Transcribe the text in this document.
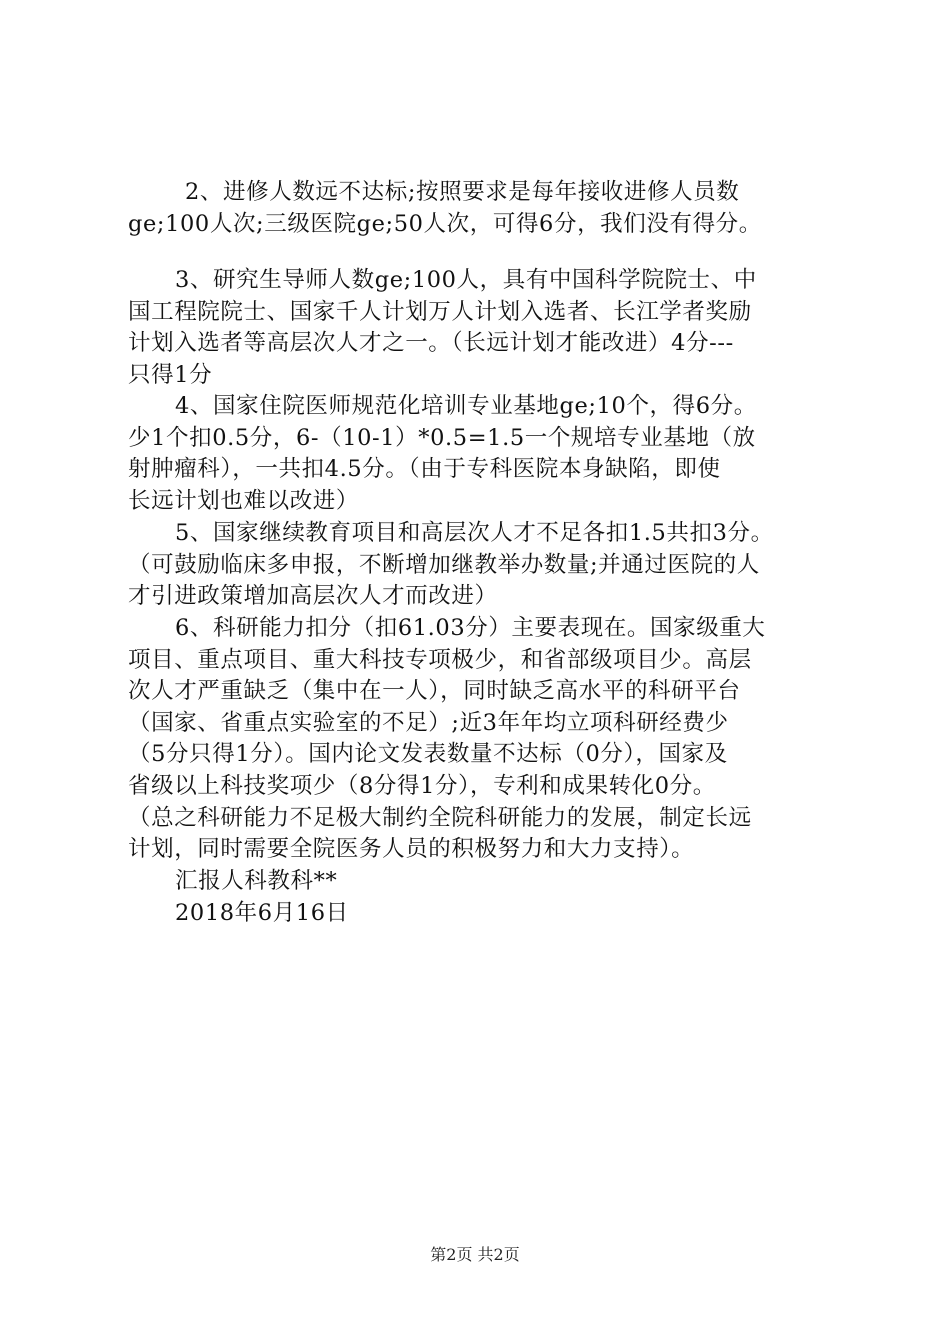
2、进修人数远不达标;按照要求是每年接收进修人员数
ge;100人次;三级医院ge;50人次，可得6分，我们没有得分。
3、研究生导师人数ge;100人，具有中国科学院院士、中
国工程院院士、国家千人计划万人计划入选者、长江学者奖励
计划入选者等高层次人才之一。（长远计划才能改进）4分---
只得1分
4、国家住院医师规范化培训专业基地ge;10个，得6分。
少1个扣0.5分，6-（10-1）*0.5=1.5一个规培专业基地（放
射肿瘤科），一共扣4.5分。（由于专科医院本身缺陷，即使
长远计划也难以改进）
5、国家继续教育项目和高层次人才不足各扣1.5共扣3分。
（可鼓励临床多申报，不断增加继教举办数量;并通过医院的人
才引进政策增加高层次人才而改进）
6、科研能力扣分（扣61.03分）主要表现在。国家级重大
项目、重点项目、重大科技专项极少，和省部级项目少。高层
次人才严重缺乏（集中在一人），同时缺乏高水平的科研平台
（国家、省重点实验室的不足）;近3年年均立项科研经费少
（5分只得1分）。国内论文发表数量不达标（0分），国家及
省级以上科技奖项少（8分得1分），专利和成果转化0分。
（总之科研能力不足极大制约全院科研能力的发展，制定长远
计划，同时需要全院医务人员的积极努力和大力支持）。
汇报人科教科**
2018年6月16日
第2页 共2页
